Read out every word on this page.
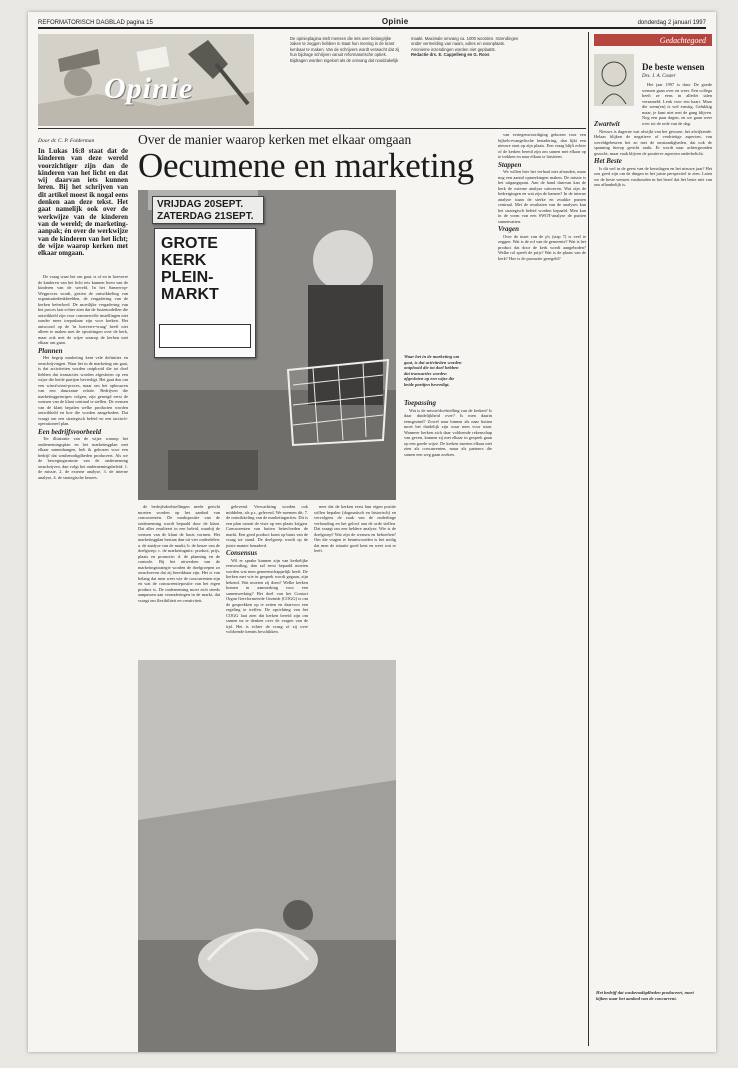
REFORMATORISCH DAGBLAD pagina 15	Opinie	donderdag 2 januari 1997
Opinie
De opinieplagina stelt mensen die iets over belangrijke zaken te zeggen hebben in staat hun mening in de krant kenbaar te maken. Van de schrijvers wordt verwacht dat zij hun bijdrage schrijven vanuit reformatorische optiek. Bijdragen worden ingekort als de omvang dat noodzakelijk maakt. Maximale omvang ca. 1000 woorden. Inzendingen onder vermelding van naam, adres en woonplaats. Anonieme inzendingen worden niet geplaatst.
Redactie drs. E. Cappelleng en G. Roos
Door dr. C. P. Folderman
In Lukas 16:8 staat dat de kinderen van deze wereld voorzichtiger zijn dan de kinderen van het licht en dat wij daarvan iets kunnen leren. Bij het schrijven van dit artikel moest ik nogal eens denken aan deze tekst. Het gaat namelijk ook over de werkwijze van de kinderen van de wereld; de marketing-aanpak; én over de werkwijze van de kinderen van het licht; de wijze waarop kerken met elkaar omgaan.
Over de manier waarop kerken met elkaar omgaan
Oecumene en marketing

De vraag waar het om gaat, is of en in hoeverre de kinderen van het licht iets kunnen leren van de kinderen van de wereld. In het Samen-op-Wegproces wordt, gezien de ontwikkeling van organisatiedenkbeelden, de vergadering van de kerken beïnvloed. De moeilijke vergadering van het proces laat echter zien dat de fusiemodellen die ontwikkeld zijn voor commerciële instellingen niet zonder meer toepasbaar zijn voor kerken. Het antwoord op de 'in hoeverre-vraag' heeft niet alleen te maken met de opvattingen over de kerk, maar ook met de wijze waarop de kerken met elkaar om gaan.

Plannen

Het begrip marketing kent vele definities en omschrijvingen. Waar het in de marketing om gaat, is dat activiteiten worden ontplooid die tot doel hebben dat transacties worden afgesloten op een wijze die beide partijen bevredigt. Het gaat dus om een winst/winst-proces, maar om het opbouwen van een duurzame relatie. Bedrijven die marketingprincipes volgen, zijn geneigd eerst de wensen van de klant centraal te stellen. De wensen van de klant bepalen welke producten worden ontwikkeld en hoe die worden aangeboden. Dat vraagt om een strategisch beleid en een tactisch-operationeel plan.

Een bedrijfsvoorbeeld

Ter illustratie van de wijze waarop het ondernemingsplan en het marketingplan met elkaar samenhangen, heb ik gekozen voor een bedrijf dat wasbenodigdheden produceert. Als we de bewegingsruimte van de onderneming omschrijven, dan volgt het ondernemingsbeleid: 1. de missie, 2. de externe analyse, 3. de interne analyse, 4. de strategische keuzes.

VRIJDAG 20SEPT.
ZATERDAG 21SEPT.
GROTE KERK
PLEIN-
MARKT

de bedrijfsdoelstellingen mede gericht moeten worden op het aanbod van concurrenten. De marktpositie van de onderneming wordt bepaald door de klant. Dat alles resulteert in een beleid, waarbij de wensen van de klant de basis vormen. Het marketingplan bestaat dan uit vier onderdelen: a. de analyse van de markt; b. de keuze van de doelgroep; c. de marketingmix: product, prijs, plaats en promotie; d. de planning en de controle. Bij het uitwerken van de marketingstrategie worden de doelgroepen zo omschreven dat zij bereikbaar zijn. Het is van belang dat men weet wie de concurrenten zijn en wat de concurrentiepositie van het eigen product is. De onderneming moet zich steeds aanpassen aan veranderingen in de markt, dat vraagt om flexibiliteit en creativiteit.

gelevend. Verwachting worden ook middelen, als p.r., geleverd. We noemen dit: 7. de ontwikkeling van de marketingacties. Dit is een plan vanuit de visie op een plaats krijgen. Concurrenten van buiten beïnvloeden de markt. Een goed product komt op basis van de vraag tot stand. De doelgroep wordt op de juiste manier benaderd.

Consensus

Wil er sprake kunnen zijn van kerkelijke eenwording, dan zal eerst bepaald moeten worden wat men gemeenschappelijk heeft. De kerken met wie in gesprek wordt gegaan, zijn bekend. Wat moeten zij doen? Welke kerken komen in aanmerking voor een samenwerking? Het doel van het Contact Organ Gereformeerde Gezinde (COGG) is om de gesprekken op te zetten en daarvoor een regeling te treffen. De oprichting van het COGG laat zien dat kerken bereid zijn om samen na te denken over de vragen van de tijd. Het is echter de vraag of zij over voldoende kennis beschikken.

neer dat de kerken eerst hun eigen positie willen bepalen (dogmatisch en historisch) en vervolgens de zaak van de onderlinge verhouding en het geloof aan de orde stellen. Dat vraagt om een heldere analyse. Wie is de doelgroep? Wat zijn de wensen en behoeften? Om die vragen te beantwoorden is het nodig dat men de situatie goed kent en weet wat er leeft.

Waar het in de marketing om gaat, is dat activiteiten worden ontplooid die tot doel hebben dat transacties worden afgesloten op een wijze die beide partijen bevredigt.
Toepassing

Wat is de missie/doelstelling van de kerken? Is daar duidelijkheid over? Is men daarin eensgezind? Zowel naar binnen als naar buiten moet het duidelijk zijn waar men voor staat. Wanneer kerken zich daar voldoende rekenschap van geven, kunnen zij met elkaar in gesprek gaan op een goede wijze. De kerken moeten elkaar niet zien als concurrenten, maar als partners die samen een weg gaan zoeken.

van vertegenwoordiging gekozen voor een bijbels-evangelische benadering, dan lijkt een nieuwe start op zijn plaats. Een vraag blijft echter of de kerken bereid zijn om samen met elkaar op te trekken en naar elkaar te luisteren.

Stappen

We willen hier het verhaal niet afronden, maar nog een aantal opmerkingen maken. De missie is het uitgangspunt. Aan de hand daarvan kan de kerk de externe analyse uitvoeren. Wat zijn de bedreigingen en wat zijn de kansen? In de interne analyse staan de sterke en zwakke punten centraal. Met de resultaten van de analyses kan het strategisch beleid worden bepaald. Men kan in de vorm van een SWOT-analyse de punten samenvatten.

Vragen

Over de inzet van de p's (stap 7) is veel te zeggen. Wat is de rol van de gemeente? Wat is het product dat door de kerk wordt aangeboden? Welke rol speelt de prijs? Wat is de plaats van de kerk? Hoe is de promotie geregeld?

Het bedrijf dat wasbenodigdheden produceert, moet kijken naar het aanbod van de concurrent.
Gedachtegoed
De beste wensen
Drs. J. A. Coster

Het jaar 1997 is daar. De goede wensen gaan over en weer. Een collega heeft ze eens in allerlei talen verzameld. Leuk voor een kaart. Maar die wens(en) is wel ernstig. Gelukkig maar, je kunt niet met de gang blijven. Nog een paar dagen, en we gaan weer over tot de orde van de dag.

Zwartwit

Nieuws is dagerne wat afwijkt van het gewone, het afwijkende. Helaas blijken de negatieve of verdrietige aspecten, van wereldgebeuren het zo met de omstandigheden, dat ook de spanning hierop gericht raakt. Er wordt naar achtergronden gezocht, maar vaak blijven de positieve aspecten onderbelicht.

Het Beste

Is dit wel in de geest van de kerstdagen en het nieuwe jaar? Het zou goed zijn om de dingen in het juiste perspectief te zien. Laten we de beste wensen vasthouden in het besef dat het beste niet van ons afhankelijk is.
